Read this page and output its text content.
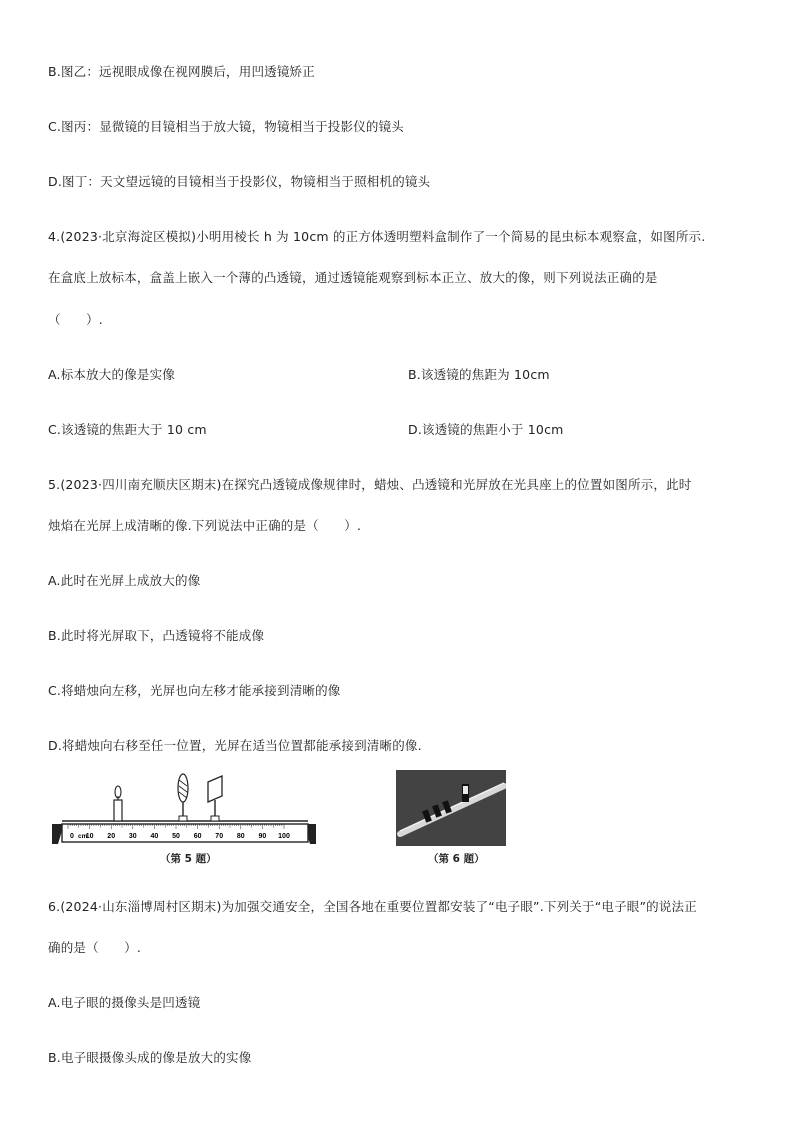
B.图乙：远视眼成像在视网膜后，用凹透镜矫正
C.图丙：显微镜的目镜相当于放大镜，物镜相当于投影仪的镜头
D.图丁：天文望远镜的目镜相当于投影仪，物镜相当于照相机的镜头
4.(2023·北京海淀区模拟)小明用棱长 h 为 10cm 的正方体透明塑料盒制作了一个简易的昆虫标本观察盒，如图所示.
在盒底上放标本，盒盖上嵌入一个薄的凸透镜，通过透镜能观察到标本正立、放大的像，则下列说法正确的是
（　　）.
A.标本放大的像是实像	B.该透镜的焦距为 10cm
C.该透镜的焦距大于 10 cm	D.该透镜的焦距小于 10cm
5.(2023·四川南充顺庆区期末)在探究凸透镜成像规律时，蜡烛、凸透镜和光屏放在光具座上的位置如图所示，此时
烛焰在光屏上成清晰的像.下列说法中正确的是（　　）.
A.此时在光屏上成放大的像
B.此时将光屏取下，凸透镜将不能成像
C.将蜡烛向左移，光屏也向左移才能承接到清晰的像
D.将蜡烛向右移至任一位置，光屏在适当位置都能承接到清晰的像.
0 10 20 30 40 50 60 70 80 90 100
cm
（第 5 题）	（第 6 题）
6.(2024·山东淄博周村区期末)为加强交通安全，全国各地在重要位置都安装了“电子眼”.下列关于“电子眼”的说法正
确的是（　　）.
A.电子眼的摄像头是凹透镜
B.电子眼摄像头成的像是放大的实像
